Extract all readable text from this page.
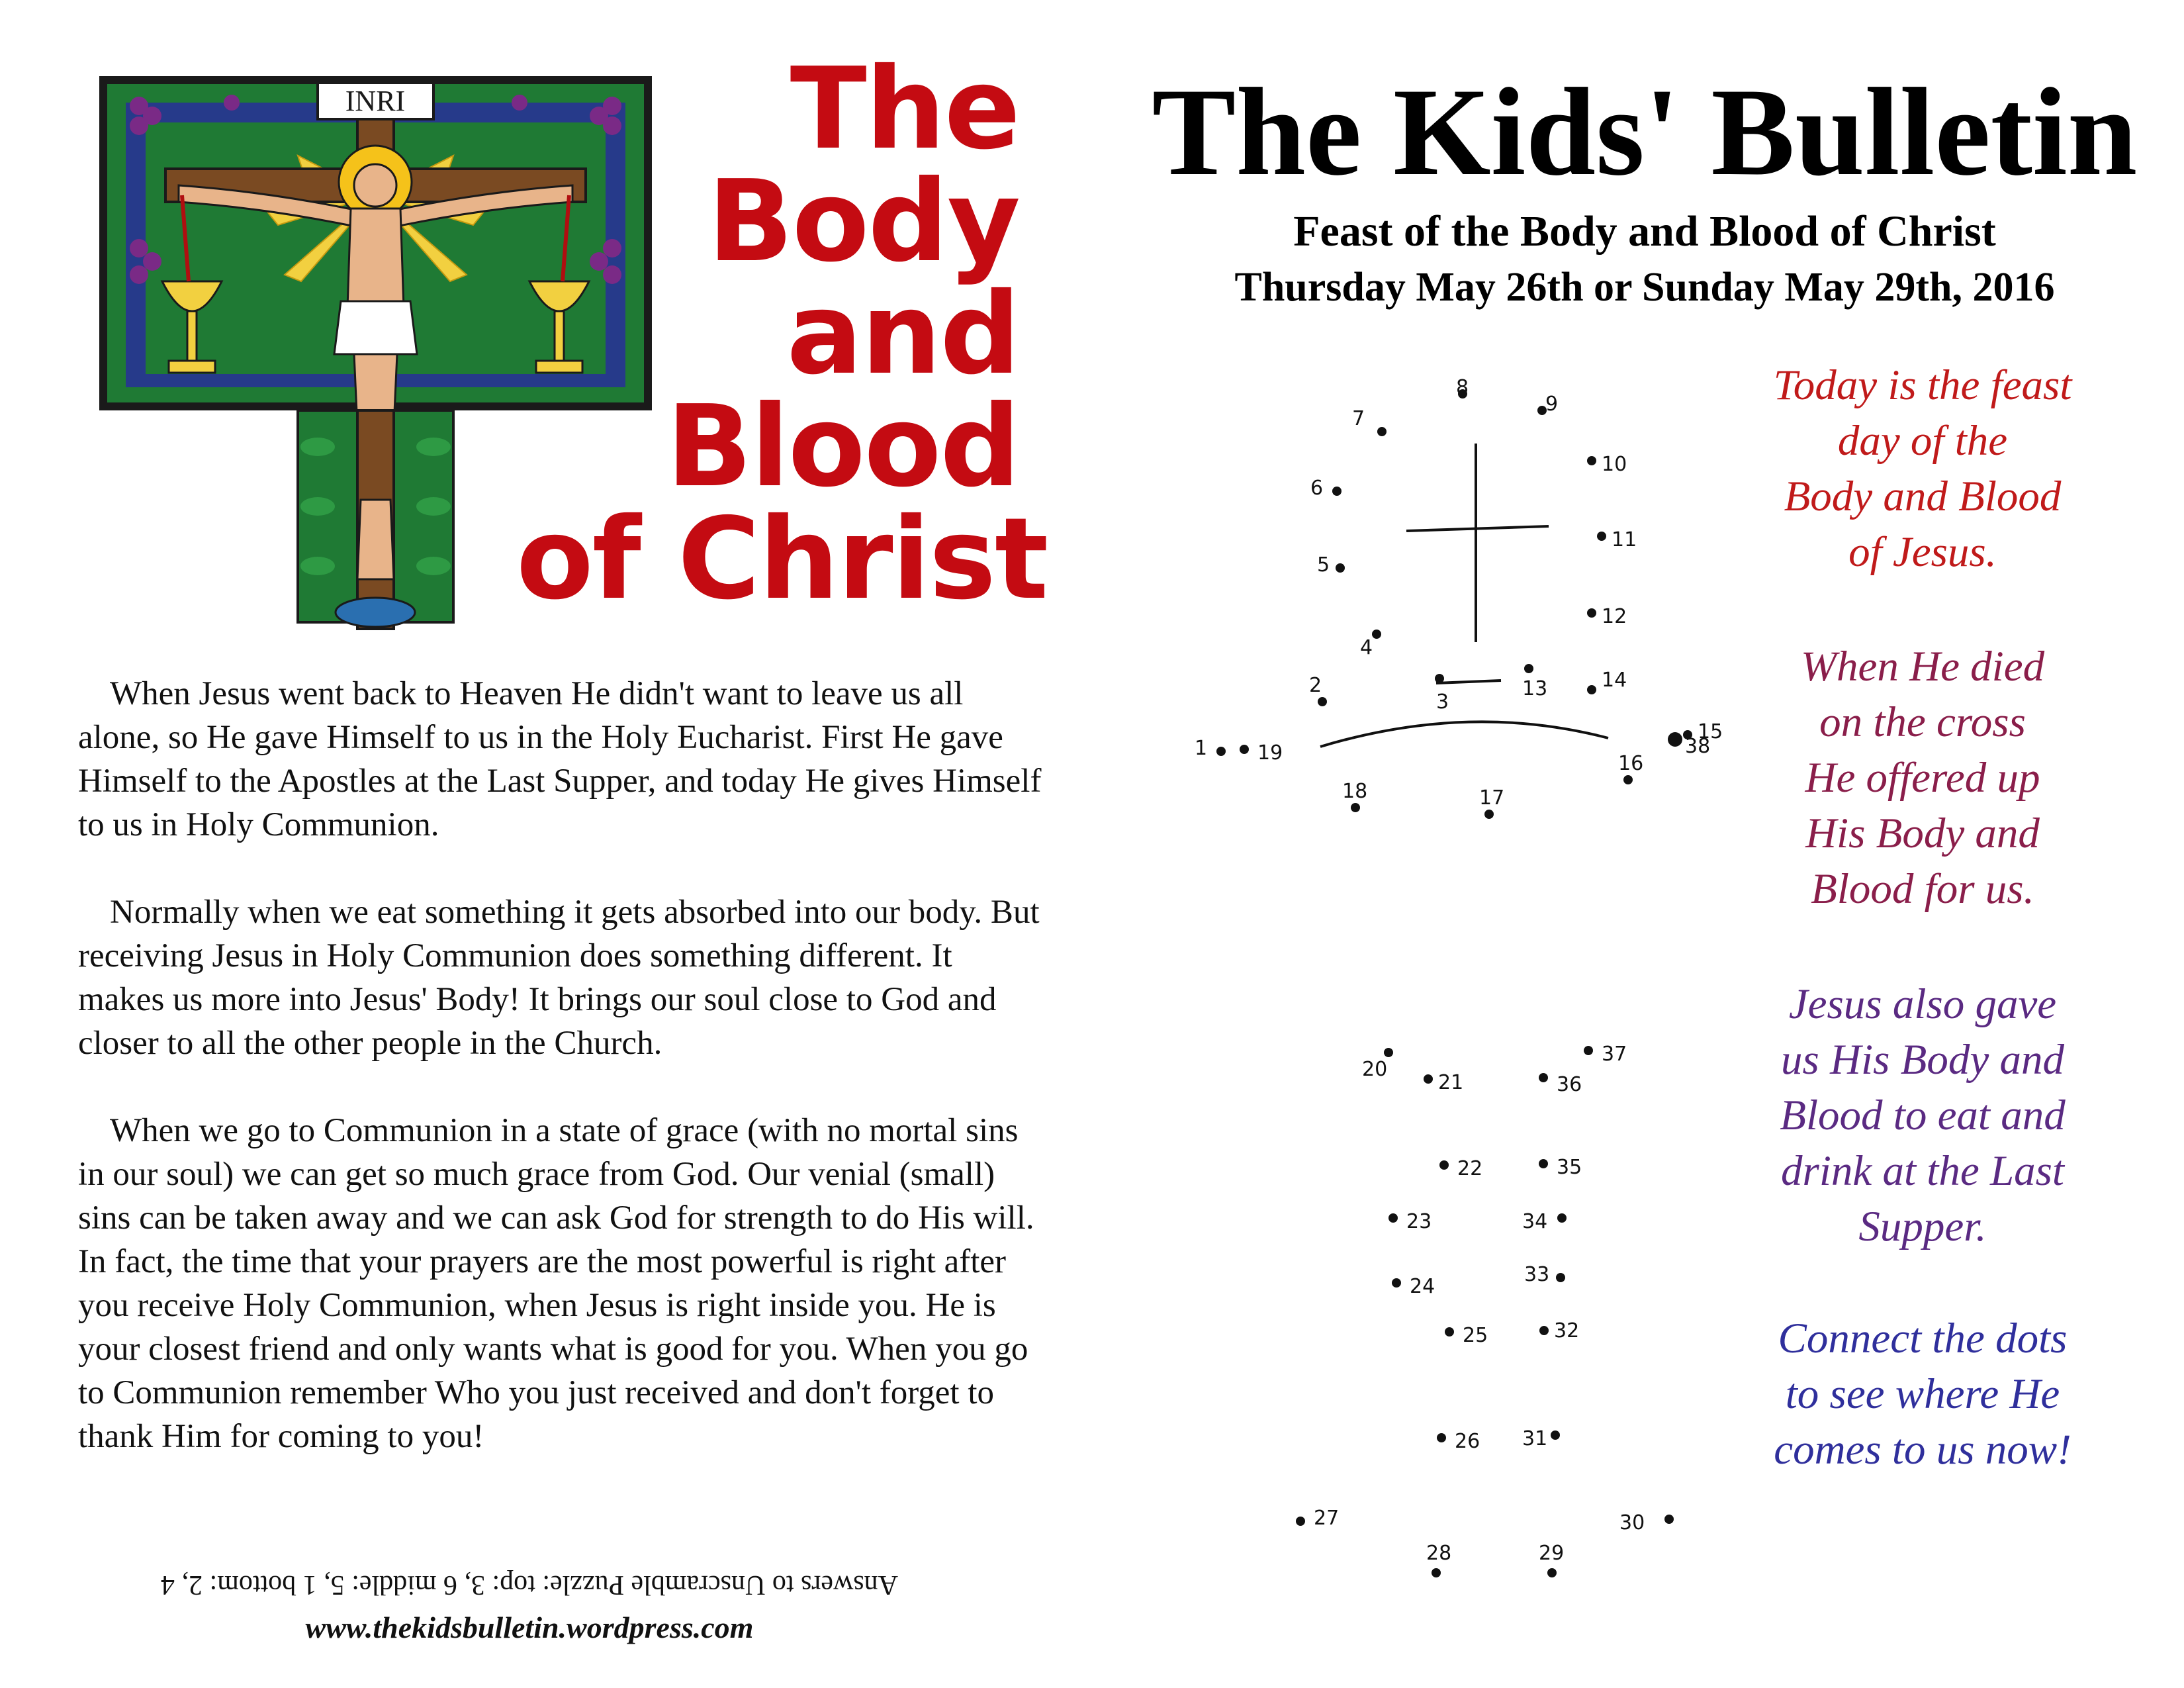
INRI	The
Body
and
Blood
of Christ

When Jesus went back to Heaven He didn't want to leave us all alone, so He gave Himself to us in the Holy Eucharist. First He gave Himself to the Apostles at the Last Supper, and today He gives Himself to us in Holy Communion.

Normally when we eat something it gets absorbed into our body. But receiving Jesus in Holy Communion does something different. It makes us more into Jesus' Body! It brings our soul close to God and closer to all the other people in the Church.

When we go to Communion in a state of grace (with no mortal sins in our soul) we can get so much grace from God. Our venial (small) sins can be taken away and we can ask God for strength to do His will. In fact, the time that your prayers are the most powerful is right after you receive Holy Communion, when Jesus is right inside you. He is your closest friend and only wants what is good for you. When you go to Communion remember Who you just received and don't forget to thank Him for coming to you!

Answers to Unscramble Puzzle: top: 3, 6 middle: 5, 1 bottom: 2, 4
www.thekidsbulletin.wordpress.com
The Kids' Bulletin
Feast of the Body and Blood of Christ
Thursday May 26th or Sunday May 29th, 2016
1
2
3
4
5
6
7
8
9
10
11
12
13	14
15
16
17
18
19
20
21
22
23
24
25
26
27
28	29
30
31
32
33
34
35
36
37
38
Today is the feast
day of the
Body and Blood
of Jesus.
When He died
on the cross
He offered up
His Body and
Blood for us.
Jesus also gave
us His Body and
Blood to eat and
drink at the Last
Supper.
Connect the dots
to see where He
comes to us now!
